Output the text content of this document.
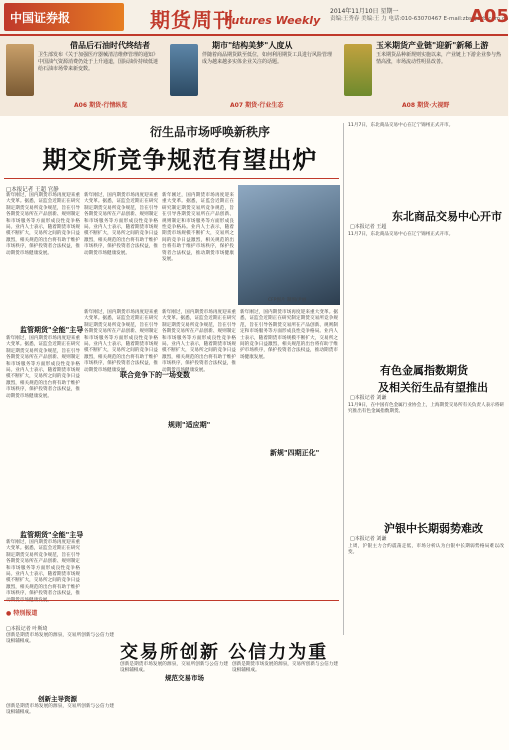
中国证券报	期货周刊
Futures Weekly
2014年11月10日 星期一
责编:王秀春 美编:王 力 电话:010-63070467 E-mail:zbs@zzb.com.cn
A05
借品后石油时代终结者
卫生部发布《关于加强医疗器械清洁维修管理的通知》中国油气资源消费仍处于上升通道，国际油价持续低迷给石油市场带来新变数。
A06 期货·行情纵览
期市"结构美梦"人度从
伴随着商品期货跌至低位，如何利用期货工具进行风险管理成为越来越多实体企业关注的话题。
A07 期货·行业生态
玉米期货产业链"迎新"新稀上游
玉米期货品种新规则实施以来，产业链上下游企业参与热情高涨，市场流动性明显改善。
A08 期货·大视野
衍生品市场呼唤新秩序
期交所竞争规范有望出炉
□本报记者 王超 官静
新年刚过，国内期货市场再度迎来重大变革。据悉，证监会近期正在研究制定期货交易所竞争规范，旨在引导各期货交易所在产品创新、规则制定和市场服务等方面形成良性竞争格局。业内人士表示，随着期货市场规模不断扩大，交易所之间的竞争日益激烈，相关规范的出台将有助于维护市场秩序，保护投资者合法权益，推动期货市场健康发展。
新年刚过，国内期货市场再度迎来重大变革。据悉，证监会近期正在研究制定期货交易所竞争规范，旨在引导各期货交易所在产品创新、规则制定和市场服务等方面形成良性竞争格局。业内人士表示，随着期货市场规模不断扩大，交易所之间的竞争日益激烈，相关规范的出台将有助于维护市场秩序，保护投资者合法权益，推动期货市场健康发展。
新年刚过，国内期货市场再度迎来重大变革。据悉，证监会近期正在研究制定期货交易所竞争规范，旨在引导各期货交易所在产品创新、规则制定和市场服务等方面形成良性竞争格局。业内人士表示，随着期货市场规模不断扩大，交易所之间的竞争日益激烈，相关规范的出台将有助于维护市场秩序，保护投资者合法权益，推动期货市场健康发展。
CFP图片 制图/尹丽
监管期货"全能"主导
新年刚过，国内期货市场再度迎来重大变革。据悉，证监会近期正在研究制定期货交易所竞争规范，旨在引导各期货交易所在产品创新、规则制定和市场服务等方面形成良性竞争格局。业内人士表示，随着期货市场规模不断扩大，交易所之间的竞争日益激烈，相关规范的出台将有助于维护市场秩序，保护投资者合法权益，推动期货市场健康发展。
联合竞争下的一场变数
新年刚过，国内期货市场再度迎来重大变革。据悉，证监会近期正在研究制定期货交易所竞争规范，旨在引导各期货交易所在产品创新、规则制定和市场服务等方面形成良性竞争格局。业内人士表示，随着期货市场规模不断扩大，交易所之间的竞争日益激烈，相关规范的出台将有助于维护市场秩序，保护投资者合法权益，推动期货市场健康发展。
规则"适应期"
新年刚过，国内期货市场再度迎来重大变革。据悉，证监会近期正在研究制定期货交易所竞争规范，旨在引导各期货交易所在产品创新、规则制定和市场服务等方面形成良性竞争格局。业内人士表示，随着期货市场规模不断扩大，交易所之间的竞争日益激烈，相关规范的出台将有助于维护市场秩序，保护投资者合法权益，推动期货市场健康发展。
新规"四期正化"
新年刚过，国内期货市场再度迎来重大变革。据悉，证监会近期正在研究制定期货交易所竞争规范，旨在引导各期货交易所在产品创新、规则制定和市场服务等方面形成良性竞争格局。业内人士表示，随着期货市场规模不断扩大，交易所之间的竞争日益激烈，相关规范的出台将有助于维护市场秩序，保护投资者合法权益，推动期货市场健康发展。
监管期货"全能"主导
新年刚过，国内期货市场再度迎来重大变革。据悉，证监会近期正在研究制定期货交易所竞争规范，旨在引导各期货交易所在产品创新、规则制定和市场服务等方面形成良性竞争格局。业内人士表示，随着期货市场规模不断扩大，交易所之间的竞争日益激烈，相关规范的出台将有助于维护市场秩序，保护投资者合法权益，推
11月7日，东北商品交易中心在辽宁锦州正式开市。
东北商品交易中心开市
□本报记者 王超
11月7日，东北商品交易中心在辽宁锦州正式开市。
有色金属指数期货
及相关衍生品有望推出
□本报记者 刘谦
11月9日，在中国有色金属行业协会上，上海期货交易所有关负责人表示将研究推出有色金属指数期货。
沪银中长期弱势难改
□本报记者 刘谦
上周，沪银主力合约震荡走低，市场分析认为白银中长期弱势格局难以改变。
● 特别报道
□本报记者 叶斯琦
交易所创新 公信力为重
创新是期货市场发展的源泉，交易所创新与公信力建设相辅相成。
创新主导资源
创新是期货市场发展的源泉，交易所创新与公信力建设相辅相成。
创新是期货市场发展的源泉，交易所创新与公信力建设相辅相成。
规范交易市场
创新是期货市场发展的源泉，交易所创新与公信力建设相辅相成。
